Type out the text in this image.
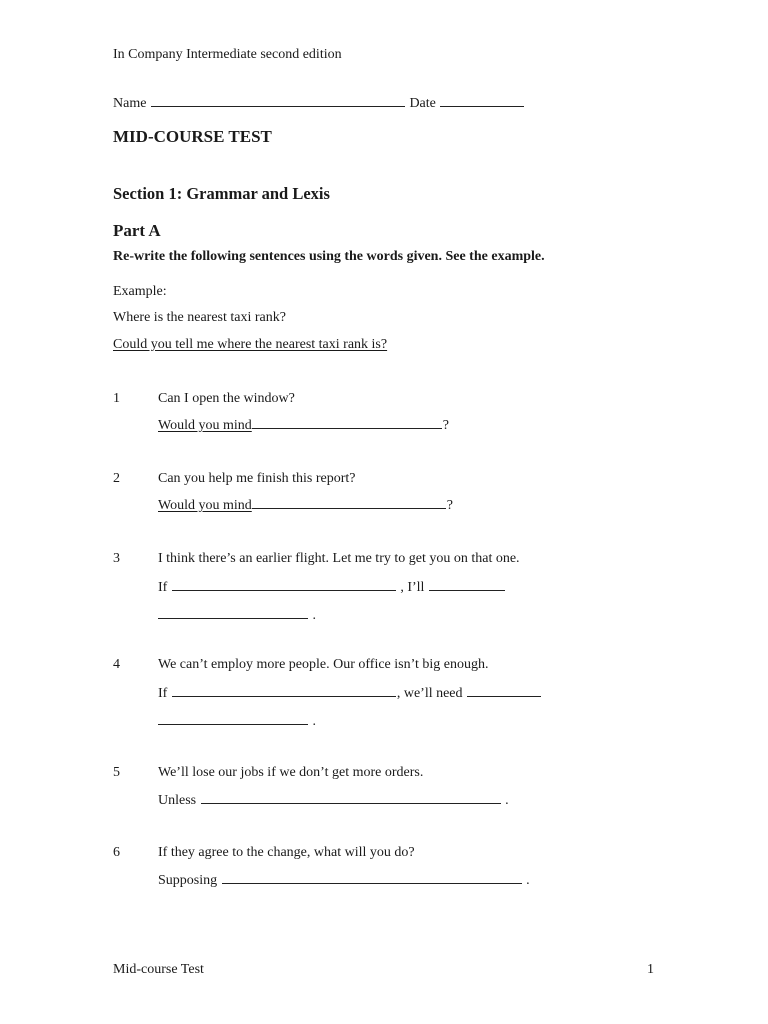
In Company Intermediate second edition
Name	Date
MID-COURSE TEST
Section 1: Grammar and Lexis
Part A
Re-write the following sentences using the words given. See the example.
Example:
Where is the nearest taxi rank?
Could you tell me where the nearest taxi rank is?
1	Can I open the window?
Would you mind	?
2	Can you help me finish this report?
Would you mind	?
3	I think there’s an earlier flight. Let me try to get you on that one.
If	, I’ll
.
4	We can’t employ more people. Our office isn’t big enough.
If	, we’ll need
.
5	We’ll lose our jobs if we don’t get more orders.
Unless	.
6	If they agree to the change, what will you do?
Supposing	.
Mid-course Test	1
